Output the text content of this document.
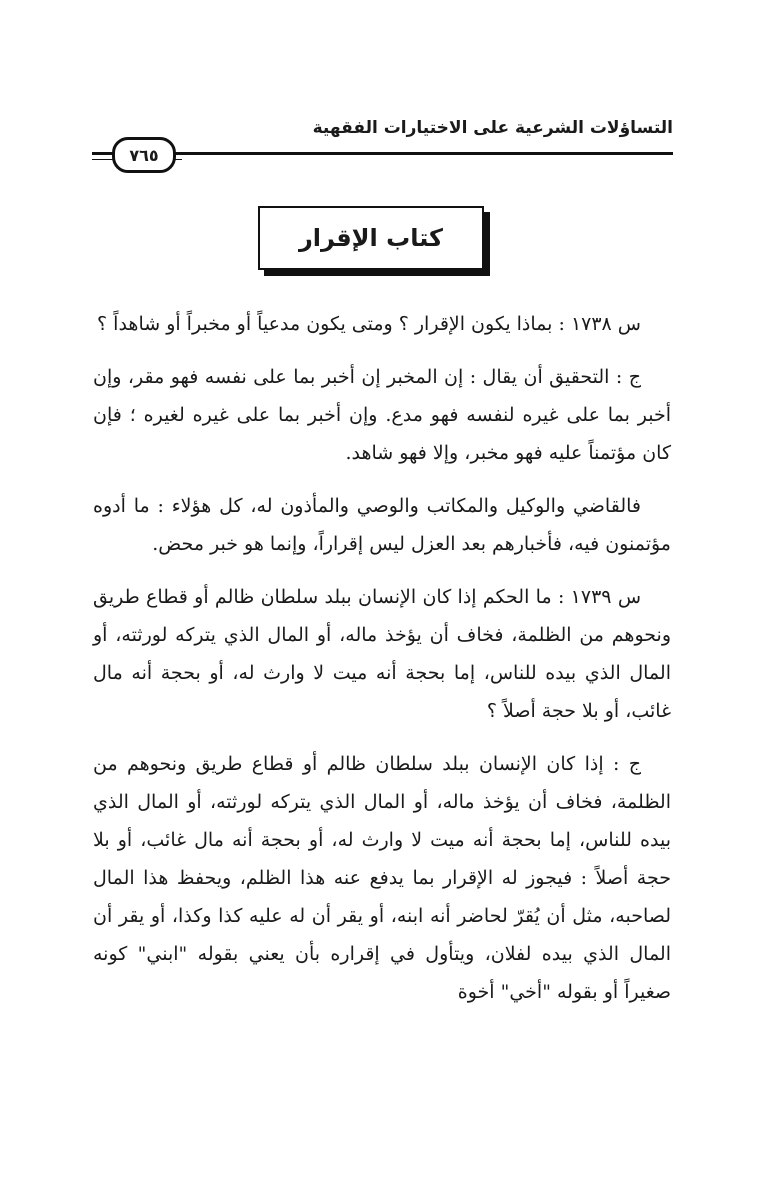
التساؤلات الشرعية على الاختيارات الفقهية
٧٦٥
كتاب الإقرار

س ١٧٣٨ : بماذا يكون الإقرار ؟ ومتى يكون مدعياً أو مخبراً أو شاهداً ؟

ج : التحقيق أن يقال : إن المخبر إن أخبر بما على نفسه فهو مقر، وإن أخبر بما على غيره لنفسه فهو مدع. وإن أخبر بما على غيره لغيره ؛ فإن كان مؤتمناً عليه فهو مخبر، وإلا فهو شاهد.

فالقاضي والوكيل والمكاتب والوصي والمأذون له، كل هؤلاء : ما أدوه مؤتمنون فيه، فأخبارهم بعد العزل ليس إقراراً، وإنما هو خبر محض.

س ١٧٣٩ : ما الحكم إذا كان الإنسان ببلد سلطان ظالم أو قطاع طريق ونحوهم من الظلمة، فخاف أن يؤخذ ماله، أو المال الذي يتركه لورثته، أو المال الذي بيده للناس، إما بحجة أنه ميت لا وارث له، أو بحجة أنه مال غائب، أو بلا حجة أصلاً ؟

ج : إذا كان الإنسان ببلد سلطان ظالم أو قطاع طريق ونحوهم من الظلمة، فخاف أن يؤخذ ماله، أو المال الذي يتركه لورثته، أو المال الذي بيده للناس، إما بحجة أنه ميت لا وارث له، أو بحجة أنه مال غائب، أو بلا حجة أصلاً : فيجوز له الإقرار بما يدفع عنه هذا الظلم، ويحفظ هذا المال لصاحبه، مثل أن يُقرّ لحاضر أنه ابنه، أو يقر أن له عليه كذا وكذا، أو يقر أن المال الذي بيده لفلان، ويتأول في إقراره بأن يعني بقوله "ابني" كونه صغيراً أو بقوله "أخي" أخوة
